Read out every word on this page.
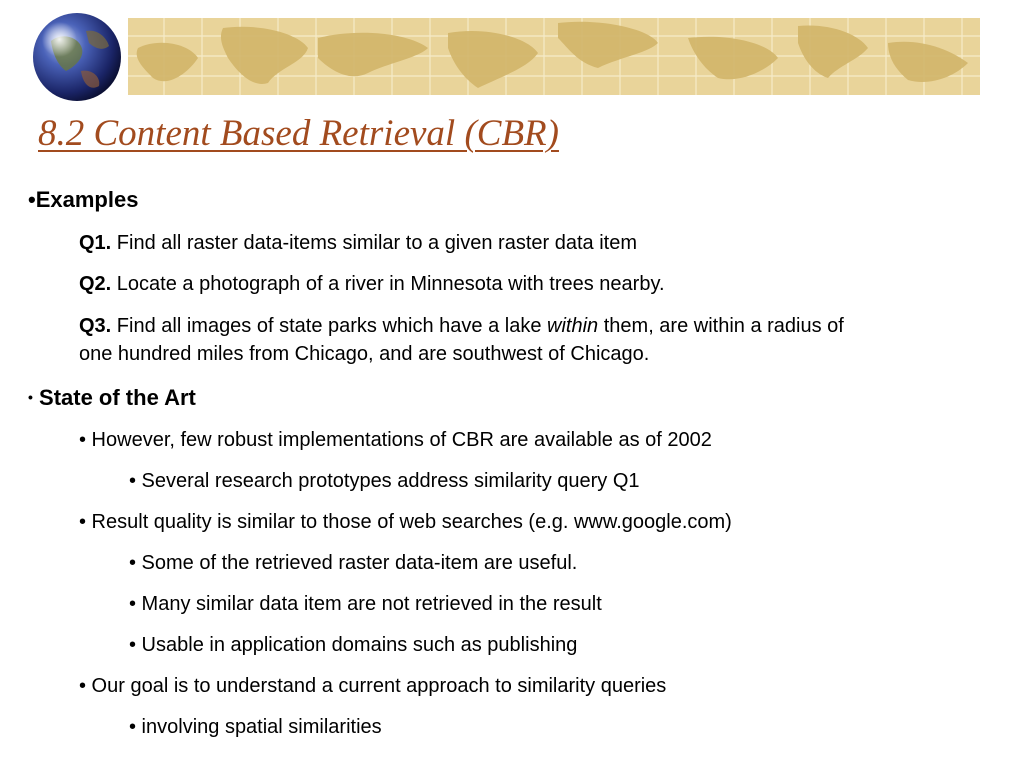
8.2 Content Based Retrieval (CBR)
•Examples
Q1. Find all raster data-items similar to a given raster data item
Q2. Locate a photograph of a river in Minnesota with trees nearby.
Q3. Find all images of state parks which have a lake within them, are within a radius of
one hundred miles from Chicago, and are southwest of Chicago.
• State of the Art
• However, few robust implementations of CBR are available as of 2002
• Several research prototypes address similarity query Q1
• Result quality is similar to those of web searches (e.g. www.google.com)
• Some of the retrieved raster data-item are useful.
• Many similar data item are not retrieved in the result
• Usable in application domains such as publishing
• Our goal is to understand a current approach to similarity queries
• involving spatial similarities
